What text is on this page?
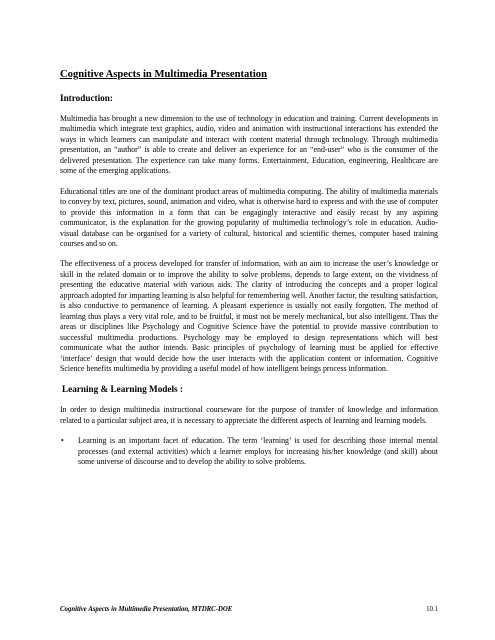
Cognitive Aspects in Multimedia Presentation
Introduction:

Multimedia has brought a new dimension to the use of technology in education and training. Current developments in multimedia which integrate text graphics, audio, video and animation with instructional interactions has extended the ways in which learners can manipulate and interact with content material through technology. Through multimedia presentation, an “author” is able to create and deliver an experience for an “end-user” who is the consumer of the delivered presentation. The experience can take many forms. Entertainment, Education, engineering, Healthcare are some of the emerging applications.

Educational titles are one of the dominant product areas of multimedia computing. The ability of multimedia materials to convey by text, pictures, sound, animation and video, what is otherwise hard to express and with the use of computer to provide this information in a form that can be engagingly interactive and easily recast by any aspiring communicator, is the explanation for the growing popularity of multimedia technology’s role in education. Audio-visual database can be organised for a variety of cultural, historical and scientific themes, computer based training courses and so on.

The effectiveness of a process developed for transfer of information, with an aim to increase the user’s knowledge or skill in the related domain or to improve the ability to solve problems, depends to large extent, on the vividness of presenting the educative material with various aids. The clarity of introducing the concepts and a proper logical approach adopted for imparting learning is also helpful for remembering well. Another factor, the resulting satisfaction, is also conductive to permanence of learning. A pleasant experience is usually not easily forgotten. The method of learning thus plays a very vital role, and to be fruitful, it must not be merely mechanical, but also intelligent. Thus the areas or disciplines like Psychology and Cognitive Science have the potential to provide massive contribution to successful multimedia productions. Psychology may be employed to design representations which will best communicate what the author intends. Basic principles of psychology of learning must be applied for effective ‘interface’ design that would decide how the user interacts with the application content or information. Cognitive Science benefits multimedia by providing a useful model of how intelligent beings process information.

Learning & Learning Models :

In order to design multimedia instructional courseware for the purpose of transfer of knowledge and information related to a particular subject area, it is necessary to appreciate the different aspects of learning and learning models.

• Learning is an important facet of education. The term ‘learning’ is used for describing those internal mental processes (and external activities) which a learner employs for increasing his/her knowledge (and skill) about some universe of discourse and to develop the ability to solve problems.
Cognitive Aspects in Multimedia Presentation, MTDRC-DOE	10.1
